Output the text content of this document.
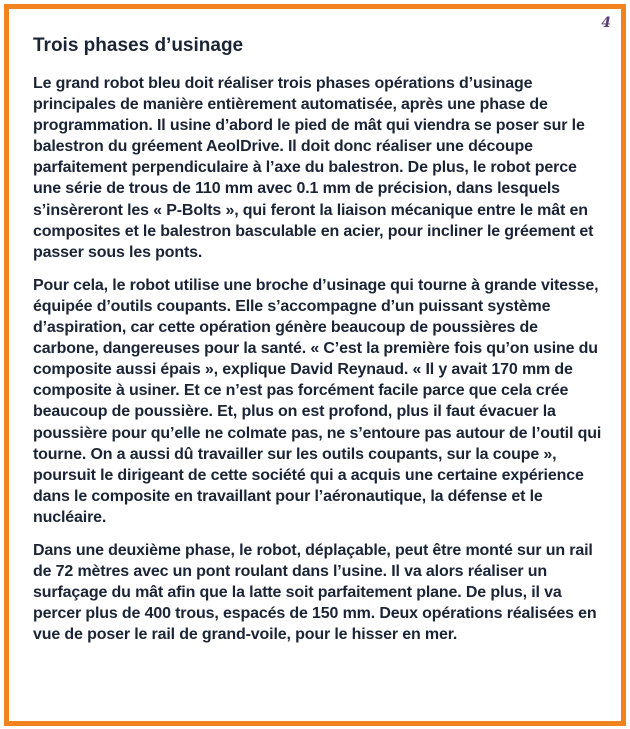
4
Trois phases d’usinage

Le grand robot bleu doit réaliser trois phases opérations d’usinage principales de manière entièrement automatisée, après une phase de programmation. Il usine d’abord le pied de mât qui viendra se poser sur le balestron du gréement AeolDrive. Il doit donc réaliser une découpe parfaitement perpendiculaire à l’axe du balestron. De plus, le robot perce une série de trous de 110 mm avec 0.1 mm de précision, dans lesquels s’insèreront les « P-Bolts », qui feront la liaison mécanique entre le mât en composites et le balestron basculable en acier, pour incliner le gréement et passer sous les ponts.

Pour cela, le robot utilise une broche d’usinage qui tourne à grande vitesse, équipée d’outils coupants. Elle s’accompagne d’un puissant système d’aspiration, car cette opération génère beaucoup de poussières de carbone, dangereuses pour la santé. « C’est la première fois qu’on usine du composite aussi épais », explique David Reynaud. « Il y avait 170 mm de composite à usiner. Et ce n’est pas forcément facile parce que cela crée beaucoup de poussière. Et, plus on est profond, plus il faut évacuer la poussière pour qu’elle ne colmate pas, ne s’entoure pas autour de l’outil qui tourne. On a aussi dû travailler sur les outils coupants, sur la coupe », poursuit le dirigeant de cette société qui a acquis une certaine expérience dans le composite en travaillant pour l’aéronautique, la défense et le nucléaire.

Dans une deuxième phase, le robot, déplaçable, peut être monté sur un rail de 72 mètres avec un pont roulant dans l’usine. Il va alors réaliser un surfaçage du mât afin que la latte soit parfaitement plane. De plus, il va percer plus de 400 trous, espacés de 150 mm. Deux opérations réalisées en vue de poser le rail de grand-voile, pour le hisser en mer.
